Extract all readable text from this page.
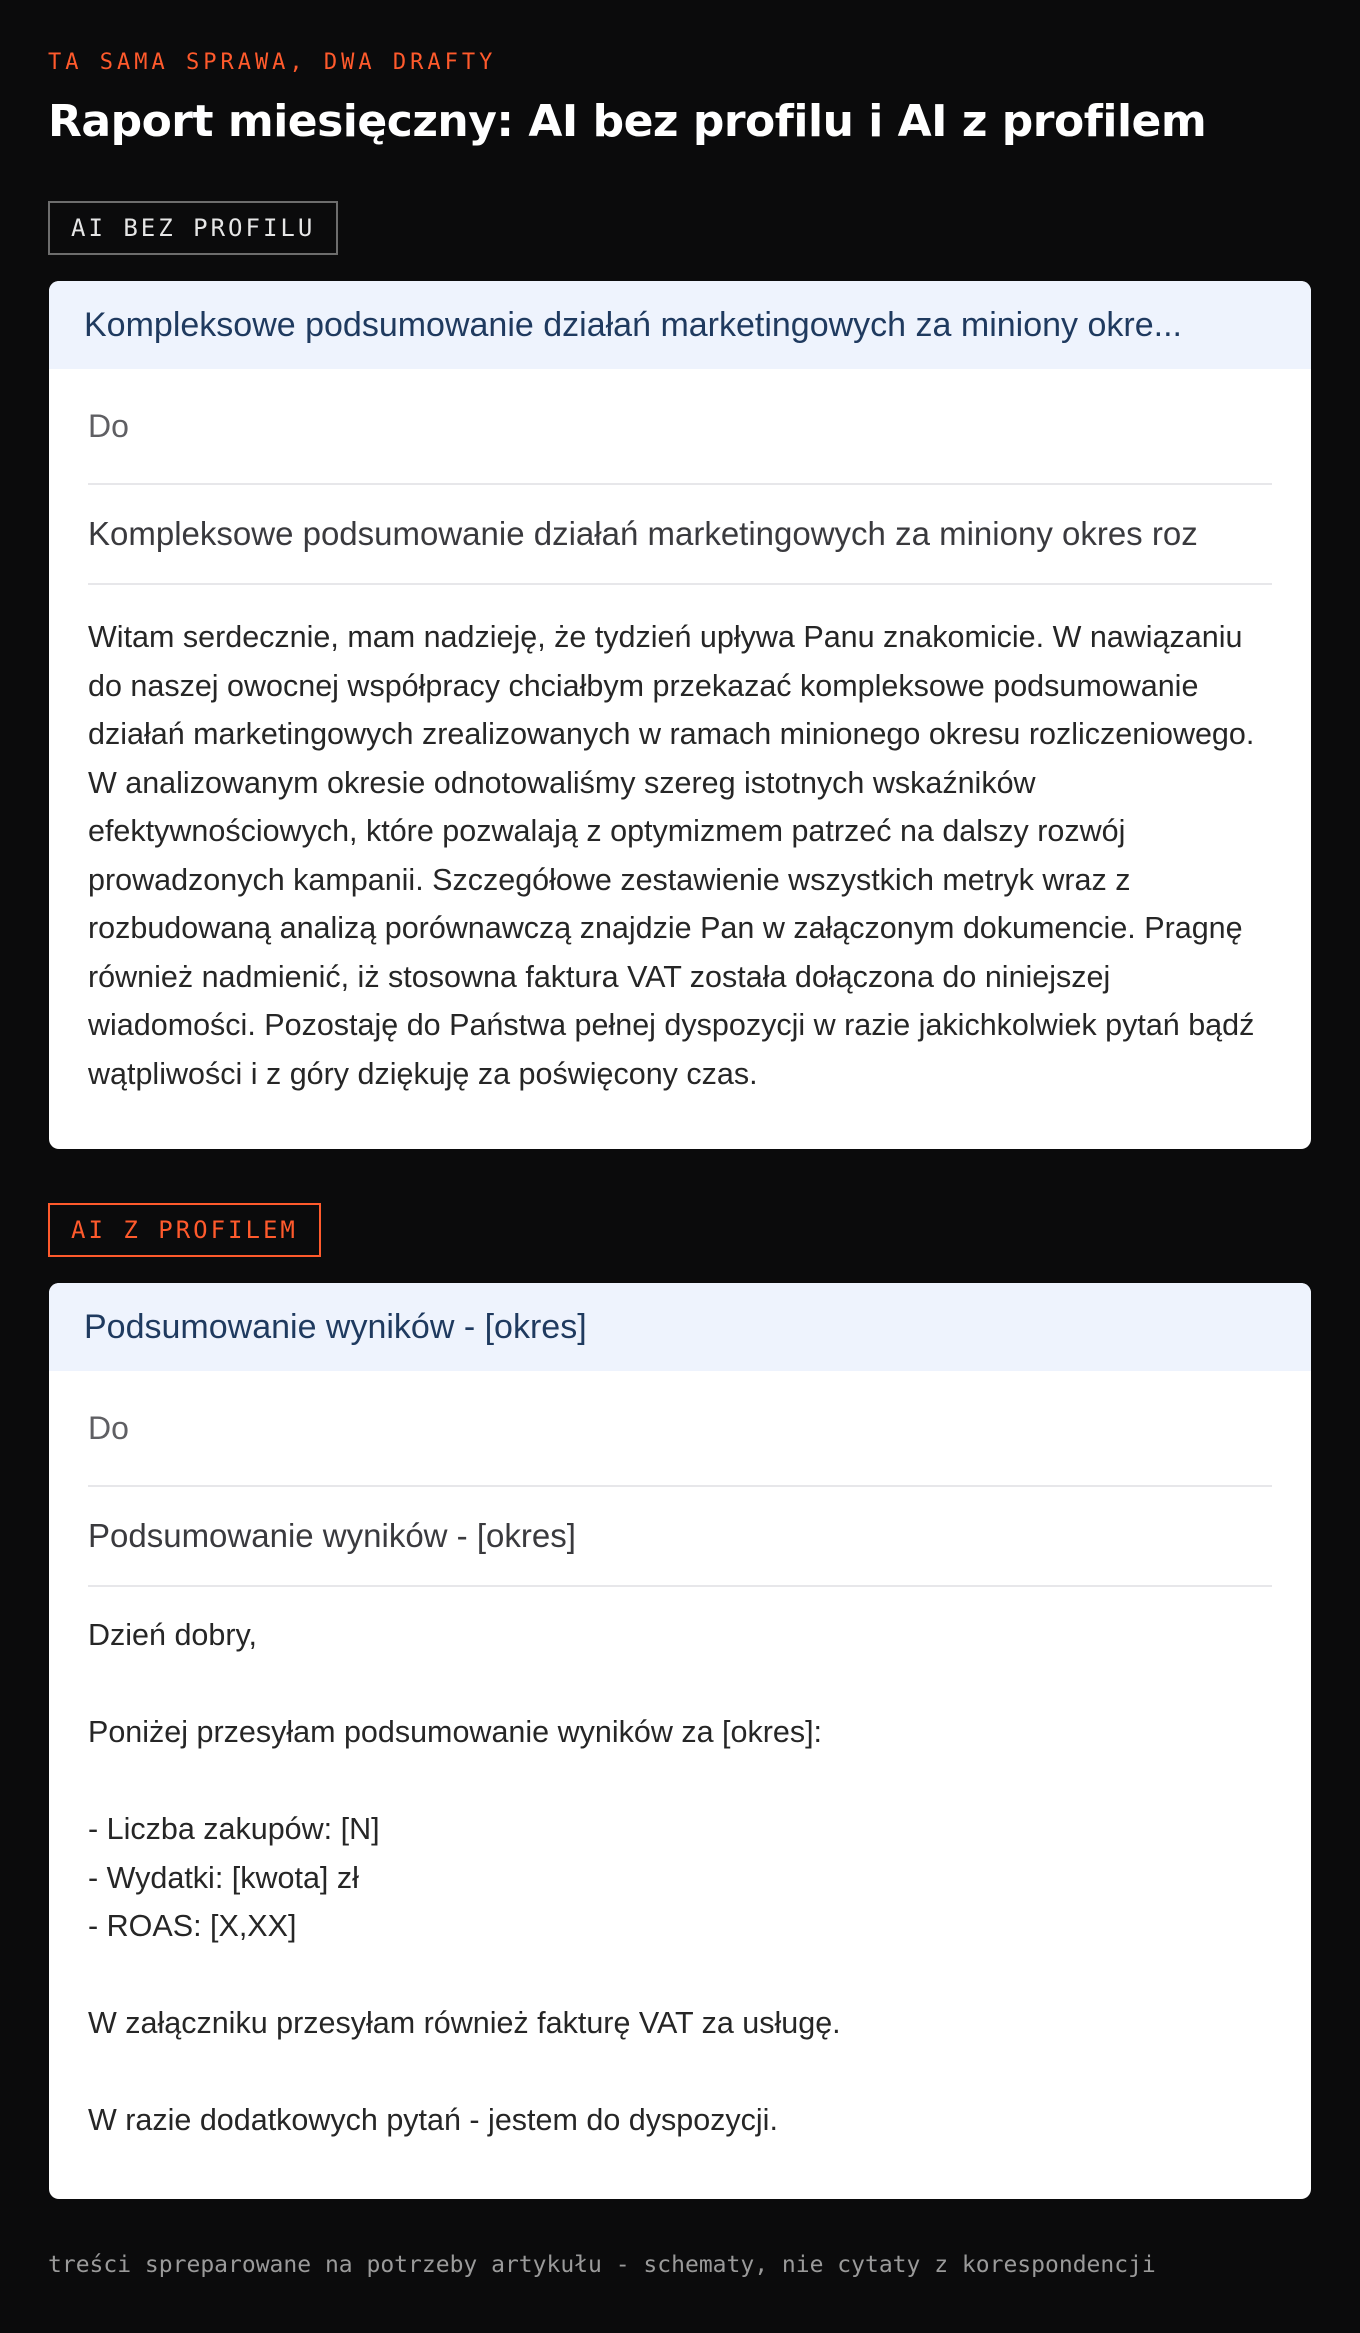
TA SAMA SPRAWA, DWA DRAFTY
Raport miesięczny: AI bez profilu i AI z profilem
AI BEZ PROFILU
Kompleksowe podsumowanie działań marketingowych za miniony okre...
Do
Kompleksowe podsumowanie działań marketingowych za miniony okres roz
Witam serdecznie, mam nadzieję, że tydzień upływa Panu znakomicie. W nawiązaniu do naszej owocnej współpracy chciałbym przekazać kompleksowe podsumowanie działań marketingowych zrealizowanych w ramach minionego okresu rozliczeniowego. W analizowanym okresie odnotowaliśmy szereg istotnych wskaźników efektywnościowych, które pozwalają z optymizmem patrzeć na dalszy rozwój prowadzonych kampanii. Szczegółowe zestawienie wszystkich metryk wraz z rozbudowaną analizą porównawczą znajdzie Pan w załączonym dokumencie. Pragnę również nadmienić, iż stosowna faktura VAT została dołączona do niniejszej wiadomości. Pozostaję do Państwa pełnej dyspozycji w razie jakichkolwiek pytań bądź wątpliwości i z góry dziękuję za poświęcony czas.
AI Z PROFILEM
Podsumowanie wyników - [okres]
Do
Podsumowanie wyników - [okres]
Dzień dobry,
Poniżej przesyłam podsumowanie wyników za [okres]:
- Liczba zakupów: [N]
- Wydatki: [kwota] zł
- ROAS: [X,XX]
W załączniku przesyłam również fakturę VAT za usługę.
W razie dodatkowych pytań - jestem do dyspozycji.
treści spreparowane na potrzeby artykułu - schematy, nie cytaty z korespondencji
